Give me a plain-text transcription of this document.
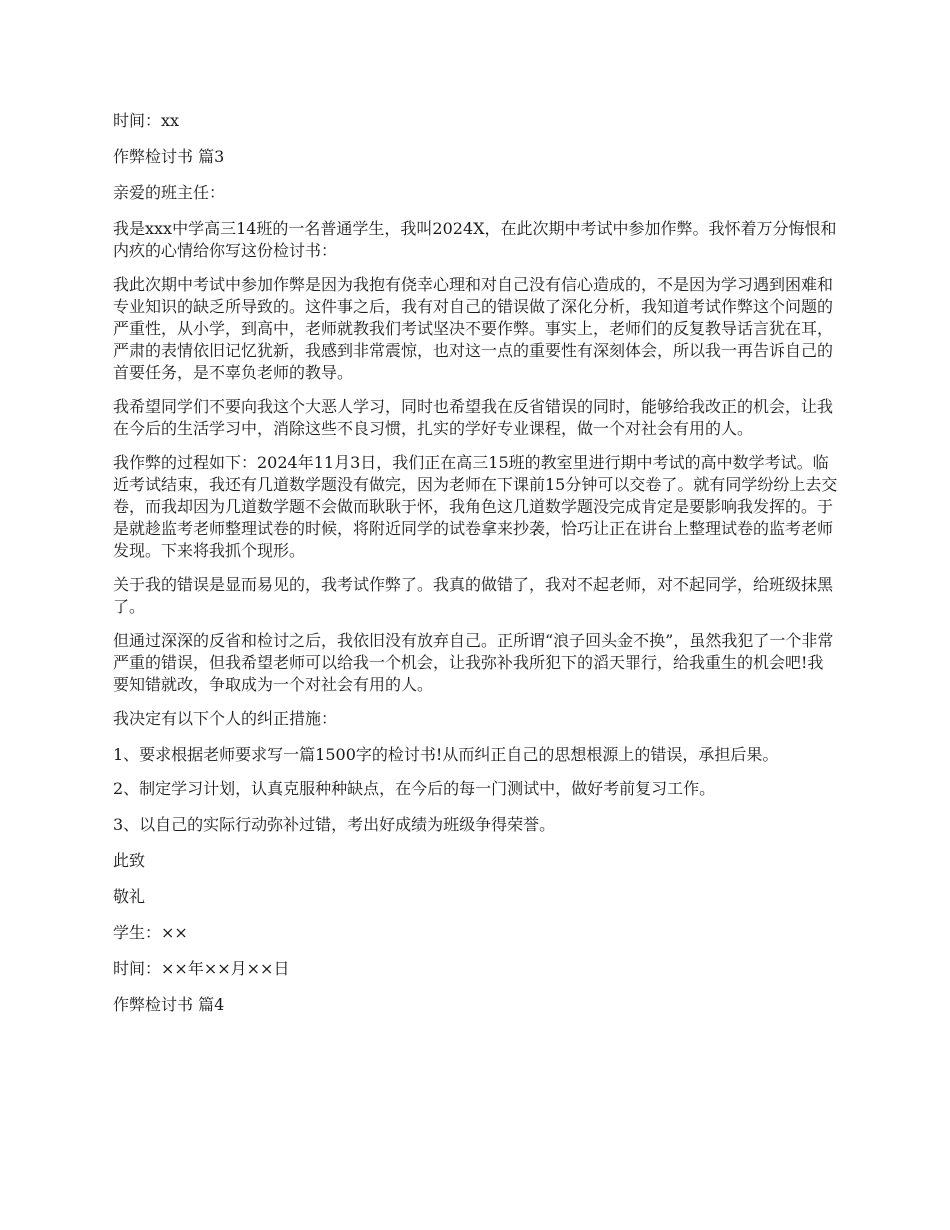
时间：xx

作弊检讨书 篇3

亲爱的班主任：

我是xxx中学高三14班的一名普通学生，我叫2024X，在此次期中考试中参加作弊。我怀着万分悔恨和内疚的心情给你写这份检讨书：

我此次期中考试中参加作弊是因为我抱有侥幸心理和对自己没有信心造成的，不是因为学习遇到困难和专业知识的缺乏所导致的。这件事之后，我有对自己的错误做了深化分析，我知道考试作弊这个问题的严重性，从小学，到高中，老师就教我们考试坚决不要作弊。事实上，老师们的反复教导话言犹在耳，严肃的表情依旧记忆犹新，我感到非常震惊，也对这一点的重要性有深刻体会，所以我一再告诉自己的首要任务，是不辜负老师的教导。

我希望同学们不要向我这个大恶人学习，同时也希望我在反省错误的同时，能够给我改正的机会，让我在今后的生活学习中，消除这些不良习惯，扎实的学好专业课程，做一个对社会有用的人。

我作弊的过程如下：2024年11月3日，我们正在高三15班的教室里进行期中考试的高中数学考试。临近考试结束，我还有几道数学题没有做完，因为老师在下课前15分钟可以交卷了。就有同学纷纷上去交卷，而我却因为几道数学题不会做而耿耿于怀，我角色这几道数学题没完成肯定是要影响我发挥的。于是就趁监考老师整理试卷的时候，将附近同学的试卷拿来抄袭，恰巧让正在讲台上整理试卷的监考老师发现。下来将我抓个现形。

关于我的错误是显而易见的，我考试作弊了。我真的做错了，我对不起老师，对不起同学，给班级抹黑了。

但通过深深的反省和检讨之后，我依旧没有放弃自己。正所谓“浪子回头金不换”，虽然我犯了一个非常严重的错误，但我希望老师可以给我一个机会，让我弥补我所犯下的滔天罪行，给我重生的机会吧!我要知错就改，争取成为一个对社会有用的人。

我决定有以下个人的纠正措施：

1、要求根据老师要求写一篇1500字的检讨书!从而纠正自己的思想根源上的错误，承担后果。

2、制定学习计划，认真克服种种缺点，在今后的每一门测试中，做好考前复习工作。

3、以自己的实际行动弥补过错，考出好成绩为班级争得荣誉。

此致

敬礼

学生：××

时间：××年××月××日

作弊检讨书 篇4
